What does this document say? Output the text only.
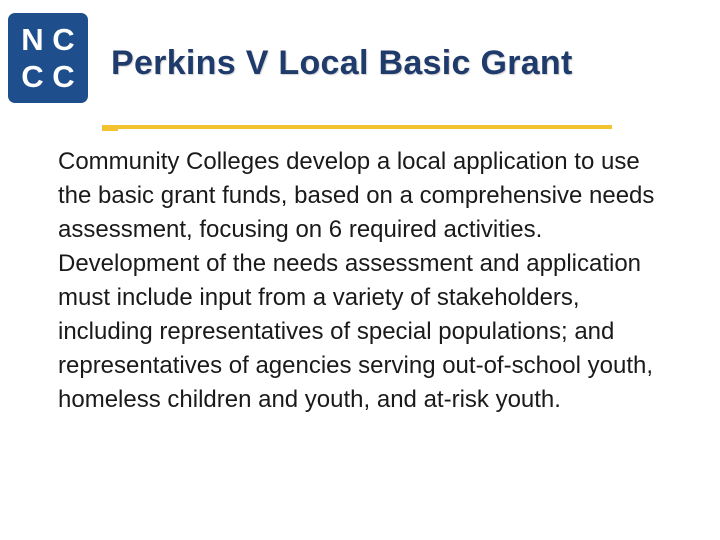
N C
C C Perkins V Local Basic Grant

Community Colleges develop a local application to use the basic grant funds, based on a comprehensive needs assessment, focusing on 6 required activities.

Development of the needs assessment and application must include input from a variety of stakeholders, including representatives of special populations; and representatives of agencies serving out-of-school youth, homeless children and youth, and at-risk youth.
